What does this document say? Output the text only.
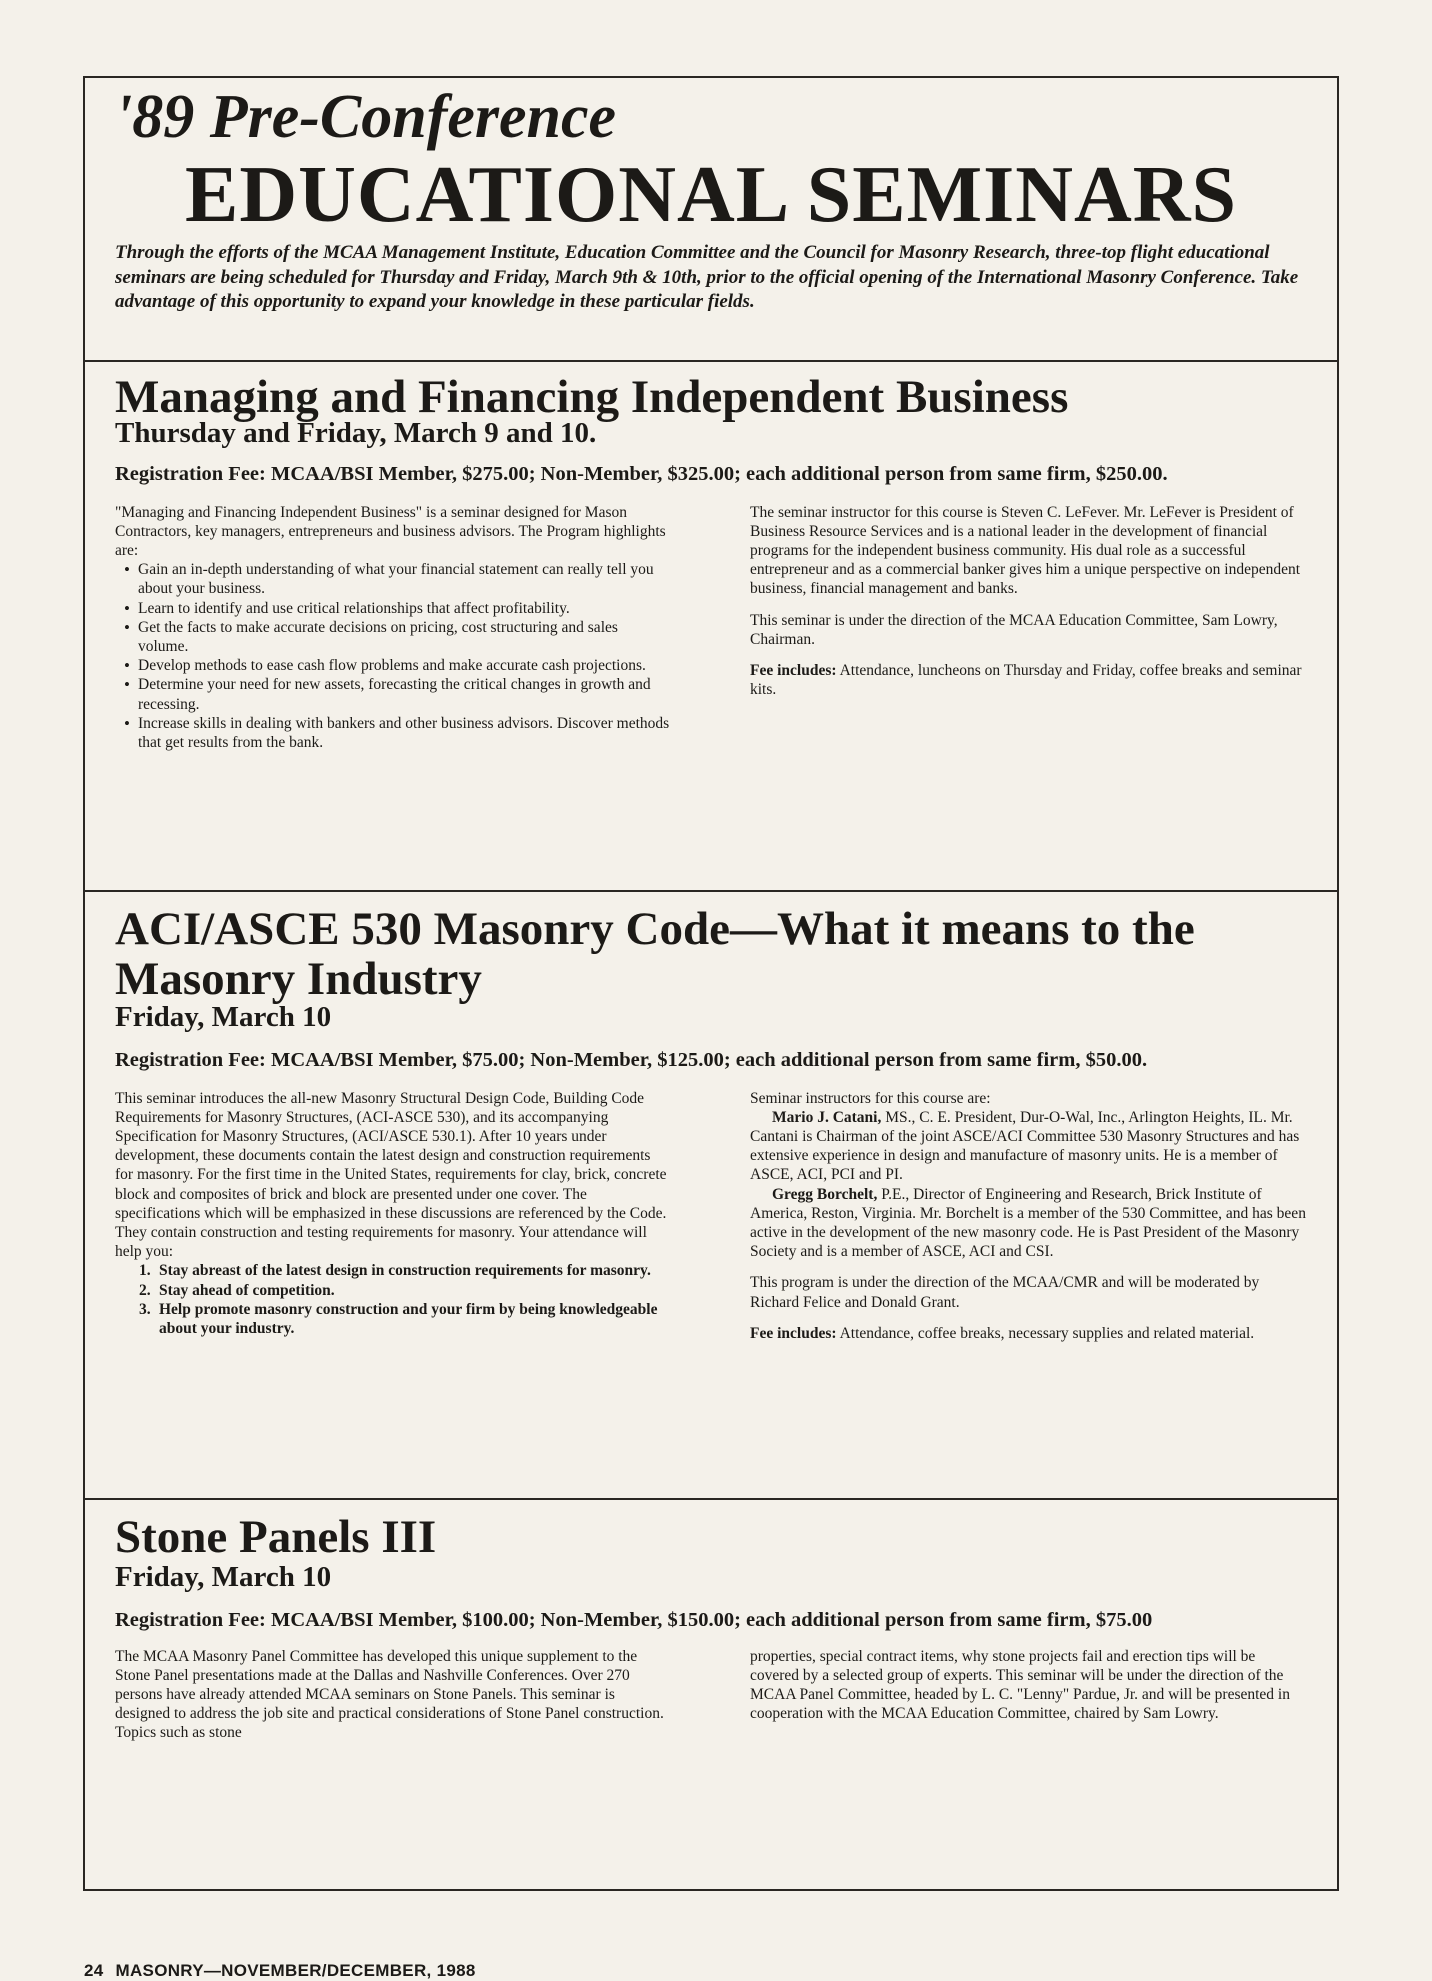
'89 Pre-Conference
EDUCATIONAL SEMINARS

Through the efforts of the MCAA Management Institute, Education Committee and the Council for Masonry Research, three-top flight educational seminars are being scheduled for Thursday and Friday, March 9th & 10th, prior to the official opening of the International Masonry Conference. Take advantage of this opportunity to expand your knowledge in these particular fields.

Managing and Financing Independent Business
Thursday and Friday, March 9 and 10.

Registration Fee: MCAA/BSI Member, $275.00; Non-Member, $325.00; each additional person from same firm, $250.00.

"Managing and Financing Independent Business" is a seminar designed for Mason Contractors, key managers, entrepreneurs and business advisors. The Program highlights are:

• Gain an in-depth understanding of what your financial statement can really tell you about your business.
• Learn to identify and use critical relationships that affect profitability.
• Get the facts to make accurate decisions on pricing, cost structuring and sales volume.
• Develop methods to ease cash flow problems and make accurate cash projections.
• Determine your need for new assets, forecasting the critical changes in growth and recessing.
• Increase skills in dealing with bankers and other business advisors. Discover methods that get results from the bank.

The seminar instructor for this course is Steven C. LeFever. Mr. LeFever is President of Business Resource Services and is a national leader in the development of financial programs for the independent business community. His dual role as a successful entrepreneur and as a commercial banker gives him a unique perspective on independent business, financial management and banks.

This seminar is under the direction of the MCAA Education Committee, Sam Lowry, Chairman.

Fee includes: Attendance, luncheons on Thursday and Friday, coffee breaks and seminar kits.

ACI/ASCE 530 Masonry Code—What it means to the Masonry Industry
Friday, March 10

Registration Fee: MCAA/BSI Member, $75.00; Non-Member, $125.00; each additional person from same firm, $50.00.

This seminar introduces the all-new Masonry Structural Design Code, Building Code Requirements for Masonry Structures, (ACI-ASCE 530), and its accompanying Specification for Masonry Structures, (ACI/ASCE 530.1). After 10 years under development, these documents contain the latest design and construction requirements for masonry. For the first time in the United States, requirements for clay, brick, concrete block and composites of brick and block are presented under one cover. The specifications which will be emphasized in these discussions are referenced by the Code. They contain construction and testing requirements for masonry. Your attendance will help you:

1. Stay abreast of the latest design in construction requirements for masonry.
2. Stay ahead of competition.
3. Help promote masonry construction and your firm by being knowledgeable about your industry.

Seminar instructors for this course are:

Mario J. Catani, MS., C. E. President, Dur-O-Wal, Inc., Arlington Heights, IL. Mr. Cantani is Chairman of the joint ASCE/ACI Committee 530 Masonry Structures and has extensive experience in design and manufacture of masonry units. He is a member of ASCE, ACI, PCI and PI.

Gregg Borchelt, P.E., Director of Engineering and Research, Brick Institute of America, Reston, Virginia. Mr. Borchelt is a member of the 530 Committee, and has been active in the development of the new masonry code. He is Past President of the Masonry Society and is a member of ASCE, ACI and CSI.

This program is under the direction of the MCAA/CMR and will be moderated by Richard Felice and Donald Grant.

Fee includes: Attendance, coffee breaks, necessary supplies and related material.

Stone Panels III
Friday, March 10

Registration Fee: MCAA/BSI Member, $100.00; Non-Member, $150.00; each additional person from same firm, $75.00

The MCAA Masonry Panel Committee has developed this unique supplement to the Stone Panel presentations made at the Dallas and Nashville Conferences. Over 270 persons have already attended MCAA seminars on Stone Panels. This seminar is designed to address the job site and practical considerations of Stone Panel construction. Topics such as stone

properties, special contract items, why stone projects fail and erection tips will be covered by a selected group of experts. This seminar will be under the direction of the MCAA Panel Committee, headed by L. C. "Lenny" Pardue, Jr. and will be presented in cooperation with the MCAA Education Committee, chaired by Sam Lowry.

24 MASONRY—NOVEMBER/DECEMBER, 1988
